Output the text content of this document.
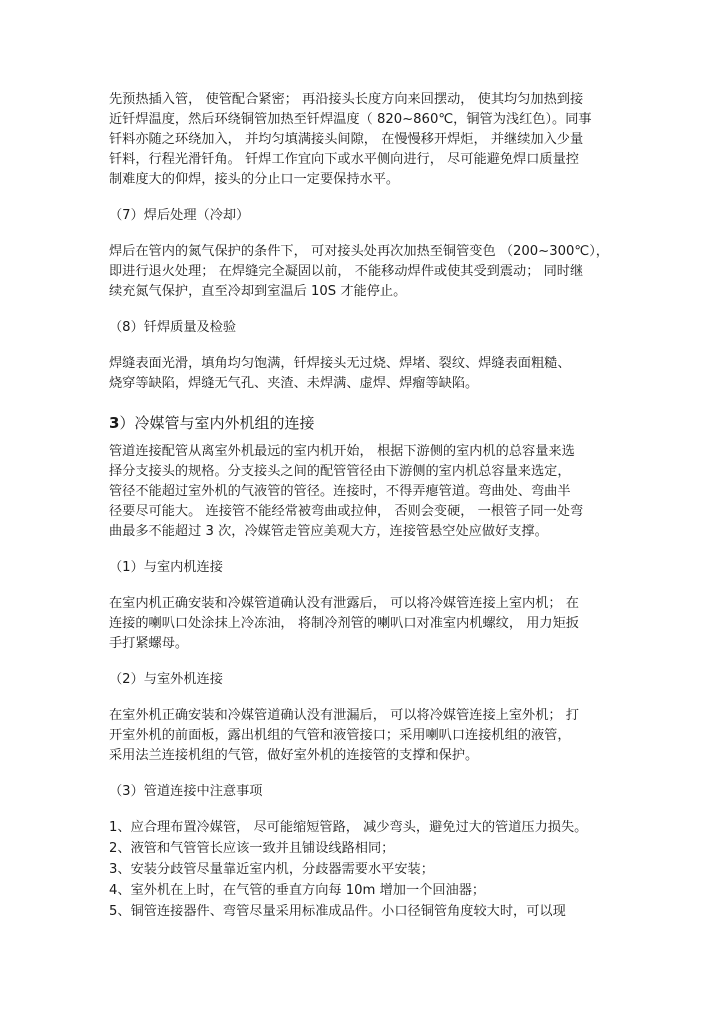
先预热插入管， 使管配合紧密； 再沿接头长度方向来回摆动， 使其均匀加热到接
近钎焊温度，然后环绕铜管加热至钎焊温度（ 820~860℃，铜管为浅红色）。同事
钎料亦随之环绕加入， 并均匀填满接头间隙， 在慢慢移开焊炬， 并继续加入少量
钎料，行程光滑钎角。 钎焊工作宜向下或水平侧向进行， 尽可能避免焊口质量控
制难度大的仰焊，接头的分止口一定要保持水平。
（7）焊后处理（冷却）
焊后在管内的氮气保护的条件下， 可对接头处再次加热至铜管变色 （200~300℃），
即进行退火处理； 在焊缝完全凝固以前， 不能移动焊件或使其受到震动； 同时继
续充氮气保护，直至冷却到室温后 10S 才能停止。
（8）钎焊质量及检验
焊缝表面光滑，填角均匀饱满，钎焊接头无过烧、焊堵、裂纹、焊缝表面粗糙、
烧穿等缺陷，焊缝无气孔、夹渣、未焊满、虚焊、焊瘤等缺陷。
3）冷媒管与室内外机组的连接
管道连接配管从离室外机最远的室内机开始， 根据下游侧的室内机的总容量来选
择分支接头的规格。分支接头之间的配管管径由下游侧的室内机总容量来选定，
管径不能超过室外机的气液管的管径。连接时，不得弄瘪管道。弯曲处、弯曲半
径要尽可能大。 连接管不能经常被弯曲或拉伸， 否则会变硬， 一根管子同一处弯
曲最多不能超过 3 次，冷媒管走管应美观大方，连接管悬空处应做好支撑。
（1）与室内机连接
在室内机正确安装和冷媒管道确认没有泄露后， 可以将冷媒管连接上室内机； 在
连接的喇叭口处涂抹上冷冻油， 将制冷剂管的喇叭口对准室内机螺纹， 用力矩扳
手打紧螺母。
（2）与室外机连接
在室外机正确安装和冷媒管道确认没有泄漏后， 可以将冷媒管连接上室外机； 打
开室外机的前面板，露出机组的气管和液管接口；采用喇叭口连接机组的液管，
采用法兰连接机组的气管，做好室外机的连接管的支撑和保护。
（3）管道连接中注意事项
1、应合理布置冷媒管， 尽可能缩短管路， 减少弯头，避免过大的管道压力损失。
2、液管和气管管长应该一致并且铺设线路相同；
3、安装分歧管尽量靠近室内机，分歧器需要水平安装；
4、室外机在上时，在气管的垂直方向每 10m 增加一个回油器；
5、铜管连接器件、弯管尽量采用标准成品件。小口径铜管角度较大时，可以现
